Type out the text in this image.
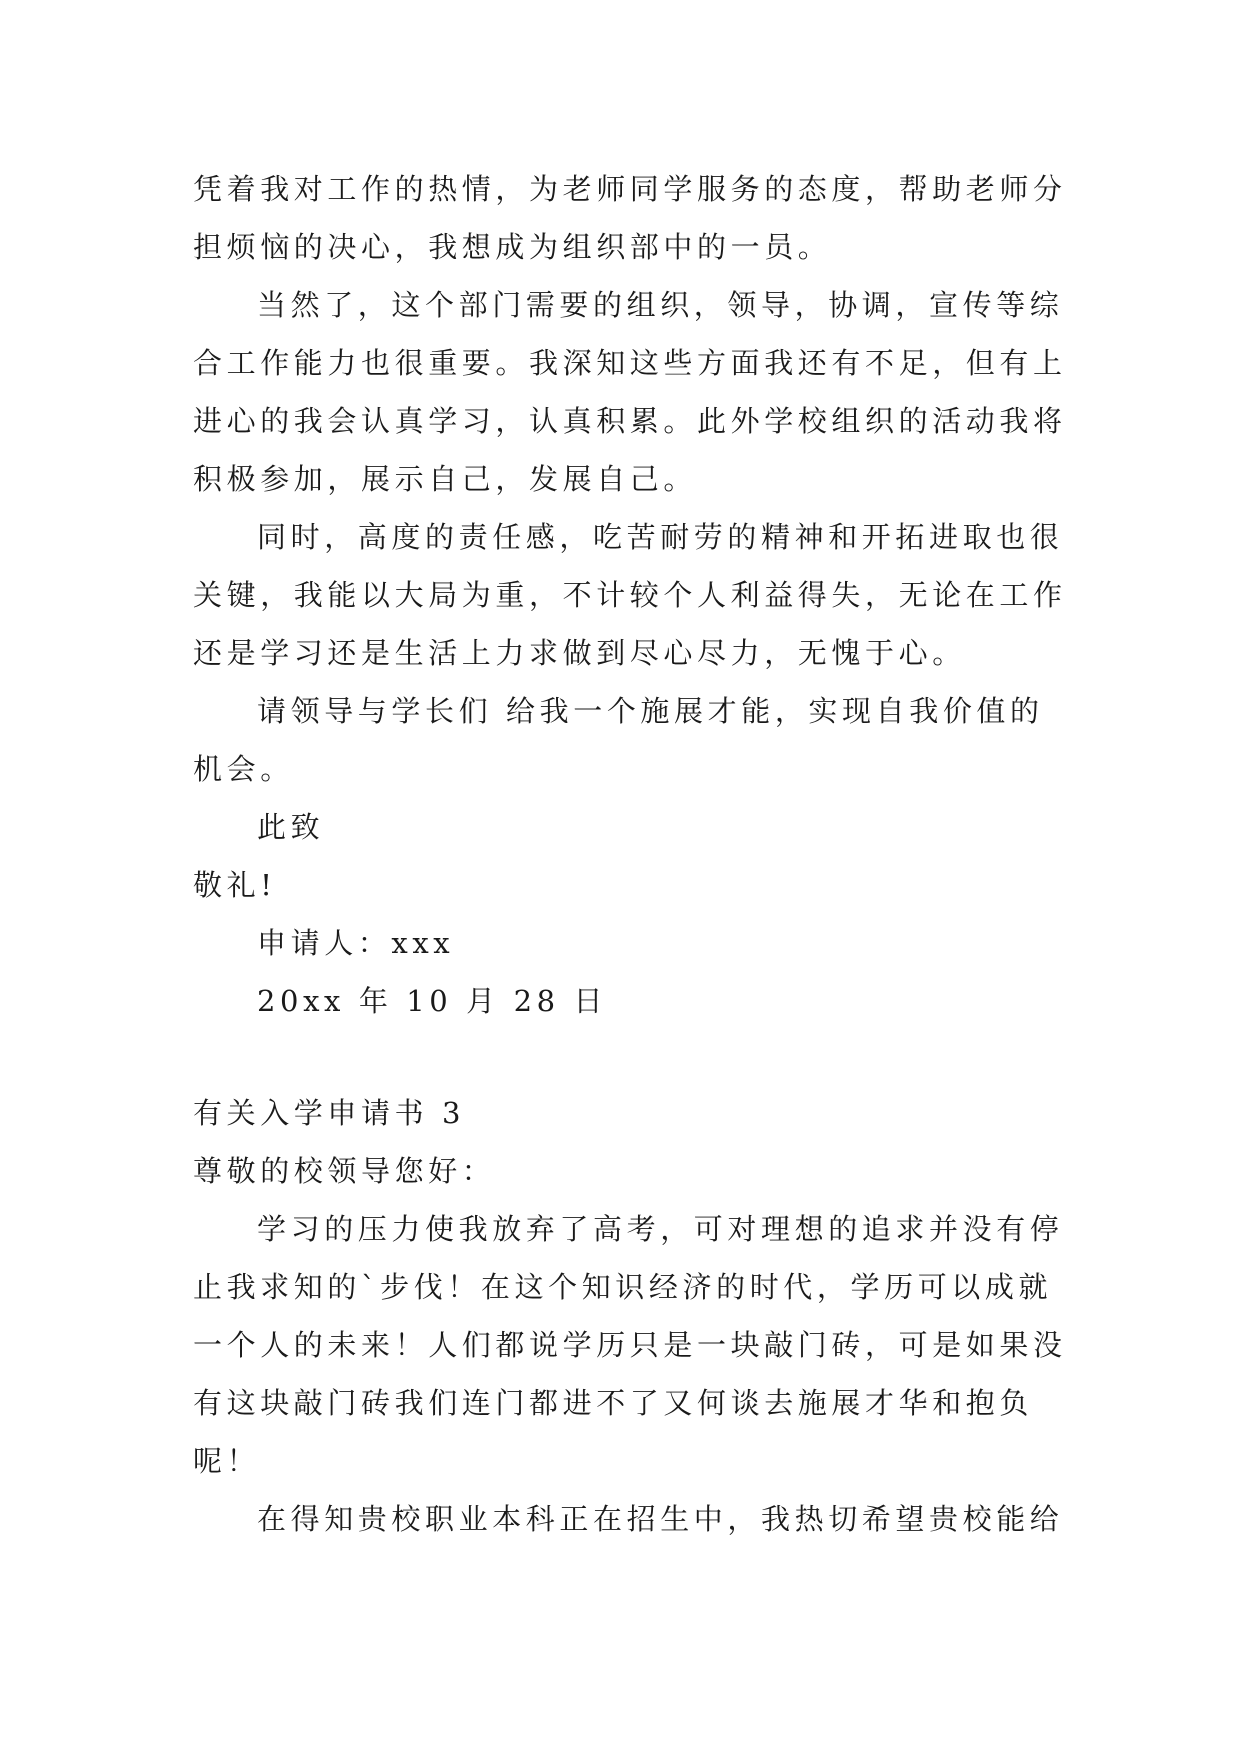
凭着我对工作的热情，为老师同学服务的态度，帮助老师分
担烦恼的决心，我想成为组织部中的一员。
当然了，这个部门需要的组织，领导，协调，宣传等综
合工作能力也很重要。我深知这些方面我还有不足，但有上
进心的我会认真学习，认真积累。此外学校组织的活动我将
积极参加，展示自己，发展自己。
同时，高度的责任感，吃苦耐劳的精神和开拓进取也很
关键，我能以大局为重，不计较个人利益得失，无论在工作
还是学习还是生活上力求做到尽心尽力，无愧于心。
请领导与学长们 给我一个施展才能，实现自我价值的
机会。
此致
敬礼!
申请人：xxx
20xx 年 10 月 28 日
有关入学申请书 3
尊敬的校领导您好：
学习的压力使我放弃了高考，可对理想的追求并没有停
止我求知的`步伐！在这个知识经济的时代，学历可以成就
一个人的未来！人们都说学历只是一块敲门砖，可是如果没
有这块敲门砖我们连门都进不了又何谈去施展才华和抱负
呢！
在得知贵校职业本科正在招生中，我热切希望贵校能给
